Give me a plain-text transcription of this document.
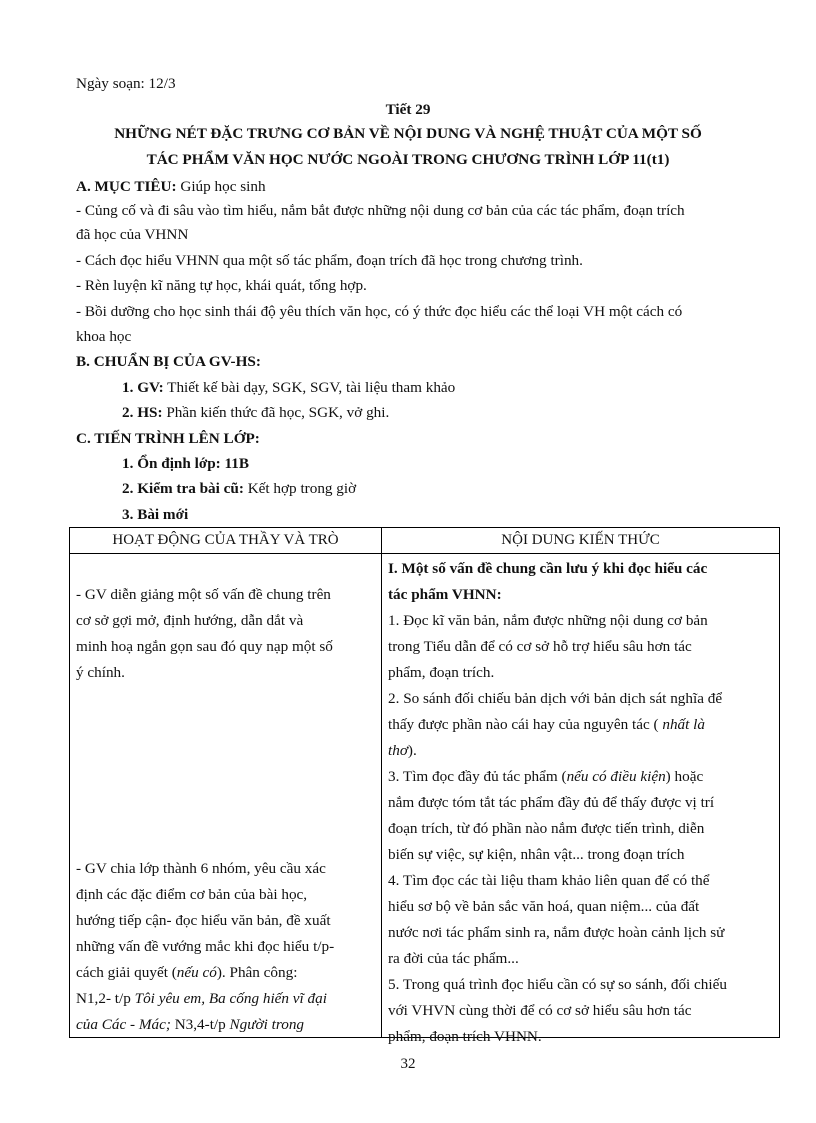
Ngày soạn: 12/3
Tiết 29
NHỮNG NÉT ĐẶC TRƯNG CƠ BẢN VỀ NỘI DUNG VÀ NGHỆ THUẬT CỦA MỘT SỐ
TÁC PHẨM VĂN HỌC NƯỚC NGOÀI TRONG CHƯƠNG TRÌNH LỚP 11(t1)
A. MỤC TIÊU: Giúp học sinh
- Củng cố và đi sâu vào tìm hiểu, nắm bắt được những nội dung cơ bản của các tác phẩm, đoạn trích
đã học của VHNN
- Cách đọc hiểu VHNN qua một số tác phẩm, đoạn trích đã học trong chương trình.
- Rèn luyện kĩ năng tự học, khái quát, tổng hợp.
- Bồi dưỡng cho học sinh thái độ yêu thích văn học, có ý thức đọc hiểu các thể loại VH một cách có
khoa học
B. CHUẨN BỊ CỦA GV-HS:
1. GV: Thiết kế bài dạy, SGK, SGV, tài liệu tham khảo
2. HS: Phần kiến thức đã học, SGK, vở ghi.
C. TIẾN TRÌNH LÊN LỚP:
1. Ổn định lớp: 11B
2. Kiểm tra bài cũ: Kết hợp trong giờ
3. Bài mới
HOẠT ĐỘNG CỦA THẦY VÀ TRÒ	NỘI DUNG KIẾN THỨC
- GV diễn giảng một số vấn đề chung trên
cơ sở gợi mở, định hướng, dẫn dắt và
minh hoạ ngắn gọn sau đó quy nạp một số
ý chính.
- GV chia lớp thành 6 nhóm, yêu cầu xác
định các đặc điểm cơ bản của bài học,
hướng tiếp cận- đọc hiểu văn bản, đề xuất
những vấn đề vướng mắc khi đọc hiểu t/p-
cách giải quyết (nếu có). Phân công:
N1,2- t/p Tôi yêu em, Ba cống hiến vĩ đại
của Các - Mác; N3,4-t/p Người trong
I. Một số vấn đề chung cần lưu ý khi đọc hiểu các
tác phẩm VHNN:
1. Đọc kĩ văn bản, nắm được những nội dung cơ bản
trong Tiểu dẫn để có cơ sở hỗ trợ hiểu sâu hơn tác
phẩm, đoạn trích.
2. So sánh đối chiếu bản dịch với bản dịch sát nghĩa để
thấy được phần nào cái hay của nguyên tác ( nhất là
thơ).
3. Tìm đọc đầy đủ tác phẩm (nếu có điều kiện) hoặc
nắm được tóm tắt tác phẩm đầy đủ để thấy được vị trí
đoạn trích, từ đó phần nào nắm được tiến trình, diễn
biến sự việc, sự kiện, nhân vật... trong đoạn trích
4. Tìm đọc các tài liệu tham khảo liên quan để có thể
hiểu sơ bộ về bản sắc văn hoá, quan niệm... của đất
nước nơi tác phẩm sinh ra, nắm được hoàn cảnh lịch sử
ra đời của tác phẩm...
5. Trong quá trình đọc hiểu cần có sự so sánh, đối chiếu
với VHVN cùng thời để có cơ sở hiểu sâu hơn tác
phẩm, đoạn trích VHNN.
32
